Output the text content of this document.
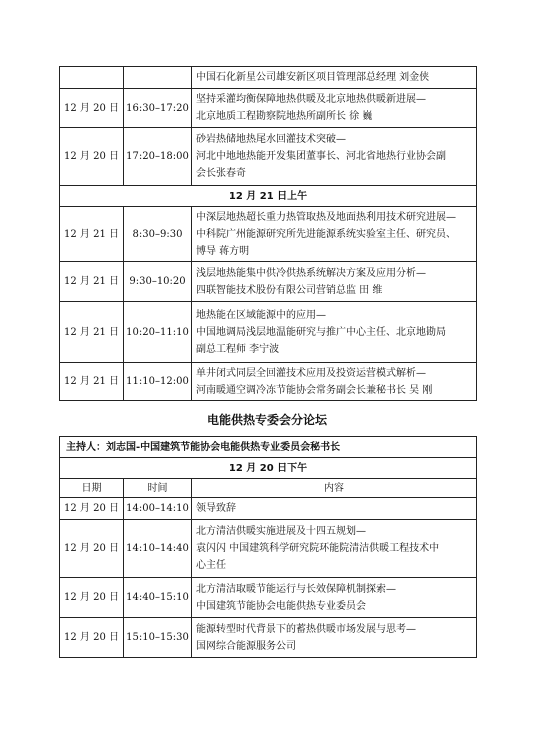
		中国石化新星公司雄安新区项目管理部总经理 刘金侠
12 月 20 日	16:30–17:20	坚持采灌均衡保障地热供暖及北京地热供暖新进展—
北京地质工程勘察院地热所副所长 徐 巍

12 月 20 日	17:20–18:00	砂岩热储地热尾水回灌技术突破—
河北中地地热能开发集团董事长、河北省地热行业协会副
会长张春奇

12 月 21 日上午		
12 月 21 日	8:30–9:30	中深层地热超长重力热管取热及地面热利用技术研究进展—
中科院广州能源研究所先进能源系统实验室主任、研究员、
博导 蒋方明

12 月 21 日	9:30–10:20	浅层地热能集中供冷供热系统解决方案及应用分析—
四联智能技术股份有限公司营销总监 田 维

12 月 21 日	10:20–11:10	地热能在区域能源中的应用—
中国地调局浅层地温能研究与推广中心主任、北京地勘局
副总工程师 李宁波

12 月 21 日	11:10–12:00	单井闭式同层全回灌技术应用及投资运营模式解析—
河南暖通空调冷冻节能协会常务副会长兼秘书长 吴 刚
电能供热专委会分论坛
主持人：刘志国-中国建筑节能协会电能供热专业委员会秘书长		
12 月 20 日下午		
日期	时间	内容
12 月 20 日	14:00–14:10	领导致辞

12 月 20 日	14:10–14:40	北方清洁供暖实施进展及十四五规划—
袁闪闪 中国建筑科学研究院环能院清洁供暖工程技术中
心主任

12 月 20 日	14:40–15:10	北方清洁取暖节能运行与长效保障机制探索—
中国建筑节能协会电能供热专业委员会

12 月 20 日	15:10–15:30	能源转型时代背景下的蓄热供暖市场发展与思考—
国网综合能源服务公司
